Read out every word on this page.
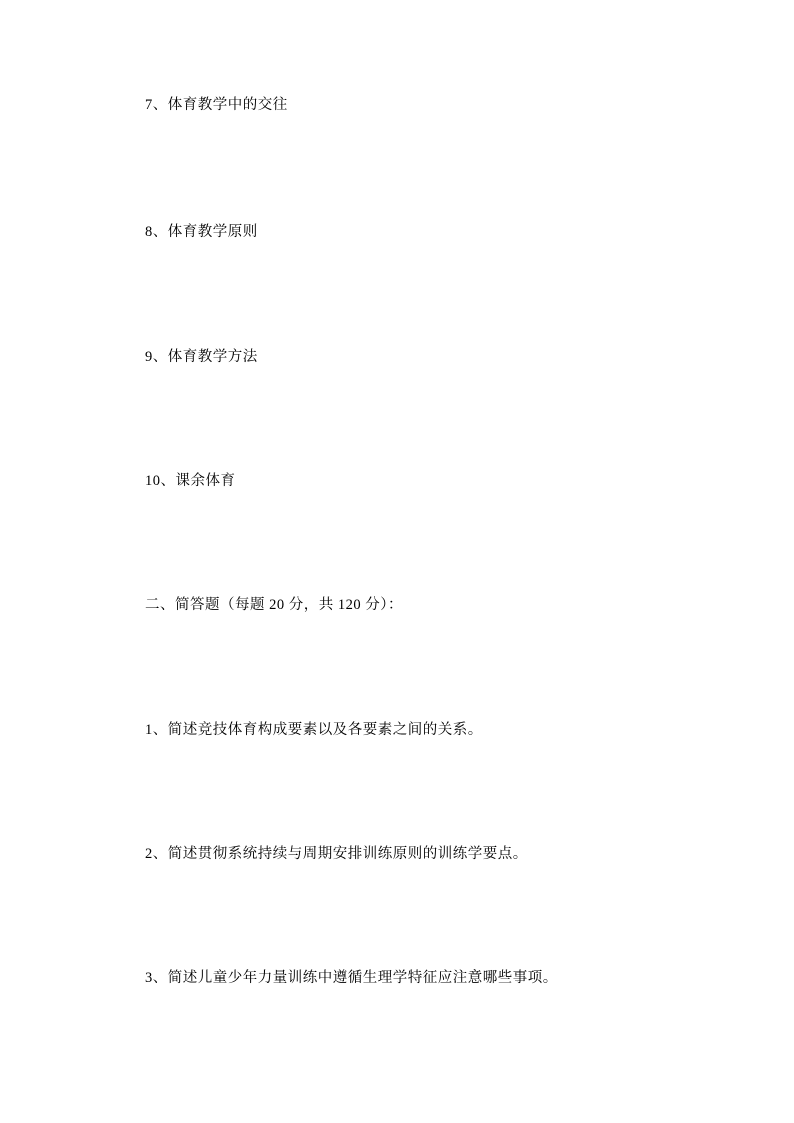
7、体育教学中的交往

8、体育教学原则

9、体育教学方法

10、课余体育

二、简答题（每题 20 分，共 120 分）：

1、简述竞技体育构成要素以及各要素之间的关系。

2、简述贯彻系统持续与周期安排训练原则的训练学要点。

3、简述儿童少年力量训练中遵循生理学特征应注意哪些事项。
